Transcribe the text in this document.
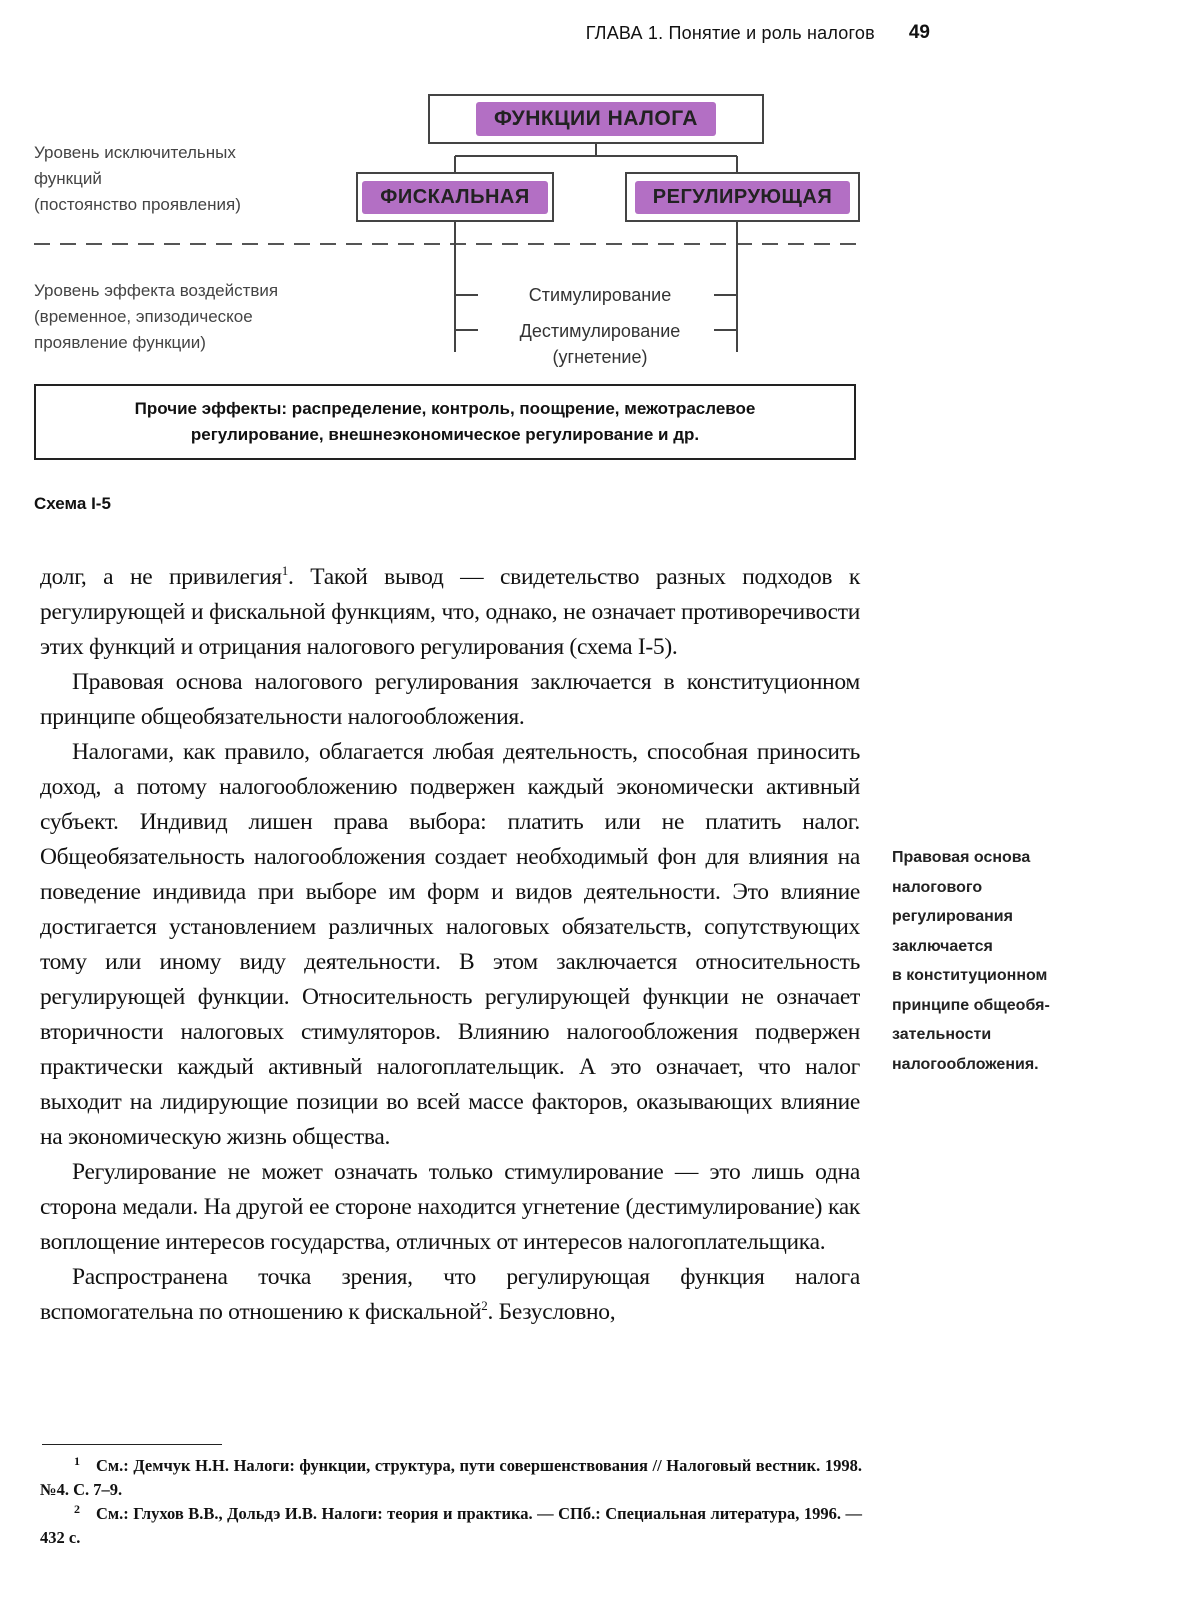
ГЛАВА 1. Понятие и роль налогов 49
ФУНКЦИИ НАЛОГА
ФИСКАЛЬНАЯ	РЕГУЛИРУЮЩАЯ
Уровень исключительных
функций
(постоянство проявления)
Уровень эффекта воздействия
(временное, эпизодическое
проявление функции)
Стимулирование
Дестимулирование
(угнетение)
Прочие эффекты: распределение, контроль, поощрение, межотраслевое
регулирование, внешнеэкономическое регулирование и др.
Схема I-5

долг, а не привилегия$^1$. Такой вывод — свидетельство разных подходов к регулирующей и фискальной функциям, что, однако, не означает противоречивости этих функций и отрицания налогового регулирования (схема I-5).

Правовая основа налогового регулирования заключается в конституционном принципе общеобязательности налогообложения.

Налогами, как правило, облагается любая деятельность, способная приносить доход, а потому налогообложению подвержен каждый экономически активный субъект. Индивид лишен права выбора: платить или не платить налог. Общеобязательность налогообложения создает необходимый фон для влияния на поведение индивида при выборе им форм и видов деятельности. Это влияние достигается установлением различных налоговых обязательств, сопутствующих тому или иному виду деятельности. В этом заключается относительность регулирующей функции. Относительность регулирующей функции не означает вторичности налоговых стимуляторов. Влиянию налогообложения подвержен практически каждый активный налогоплательщик. А это означает, что налог выходит на лидирующие позиции во всей массе факторов, оказывающих влияние на экономическую жизнь общества.

Регулирование не может означать только стимулирование — это лишь одна сторона медали. На другой ее стороне находится угнетение (дестимулирование) как воплощение интересов государства, отличных от интересов налогоплательщика.

Распространена точка зрения, что регулирующая функция налога вспомогательна по отношению к фискальной$^2$. Безусловно,

Правовая основа
налогового
регулирования
заключается
в конституционном
принципе общеобя-
зательности
налогообложения.

$^1$ См.: Демчук Н.Н. Налоги: функции, структура, пути совершенствования // Налоговый вестник. 1998. №4. С. 7–9.

$^2$ См.: Глухов В.В., Дольдэ И.В. Налоги: теория и практика. — СПб.: Специальная литература, 1996. — 432 с.
